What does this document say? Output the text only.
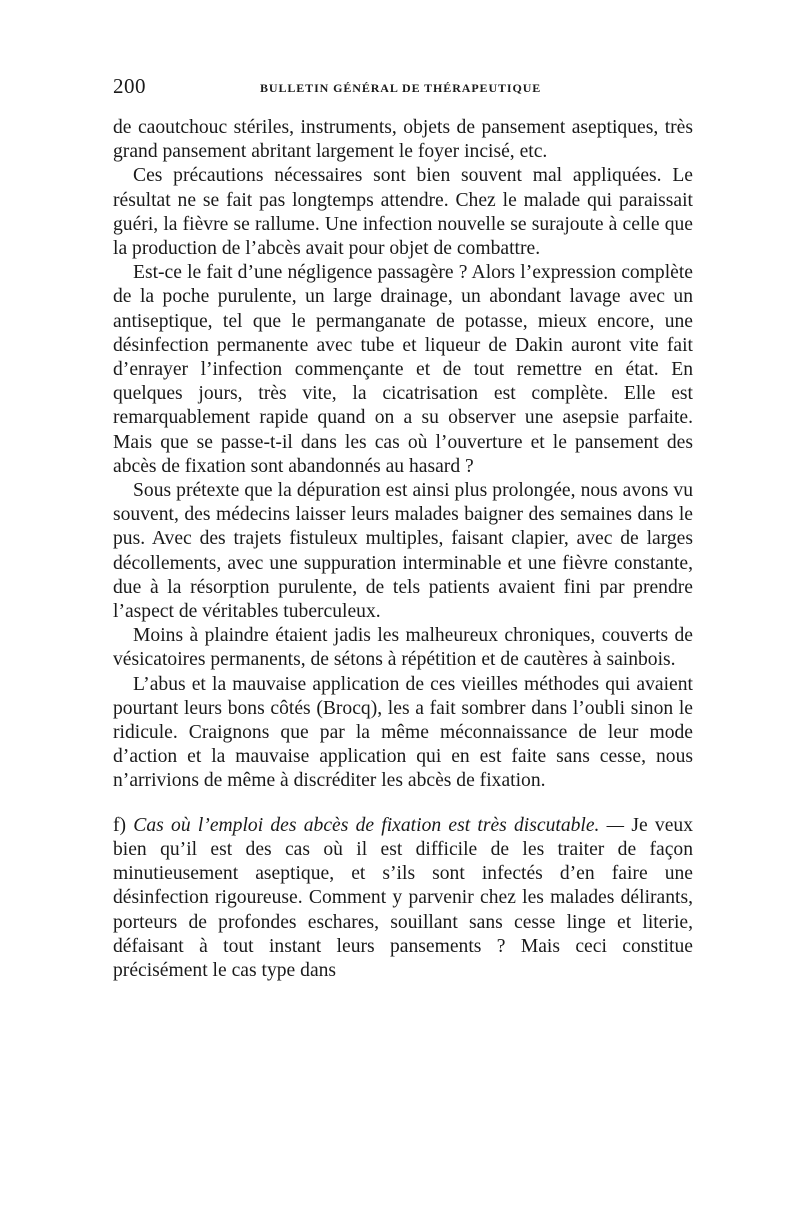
200	BULLETIN GÉNÉRAL DE THÉRAPEUTIQUE

de caoutchouc stériles, instruments, objets de pansement aseptiques, très grand pansement abritant largement le foyer incisé, etc.

Ces précautions nécessaires sont bien souvent mal appliquées. Le résultat ne se fait pas longtemps attendre. Chez le malade qui paraissait guéri, la fièvre se rallume. Une infection nouvelle se surajoute à celle que la production de l’abcès avait pour objet de combattre.

Est-ce le fait d’une négligence passagère ? Alors l’expression complète de la poche purulente, un large drainage, un abondant lavage avec un antiseptique, tel que le permanganate de potasse, mieux encore, une désinfection permanente avec tube et liqueur de Dakin auront vite fait d’enrayer l’infection commençante et de tout remettre en état. En quelques jours, très vite, la cicatrisation est complète. Elle est remarquablement rapide quand on a su observer une asepsie parfaite. Mais que se passe-t-il dans les cas où l’ouverture et le pansement des abcès de fixation sont abandonnés au hasard ?

Sous prétexte que la dépuration est ainsi plus prolongée, nous avons vu souvent, des médecins laisser leurs malades baigner des semaines dans le pus. Avec des trajets fistuleux multiples, faisant clapier, avec de larges décollements, avec une suppuration interminable et une fièvre constante, due à la résorption purulente, de tels patients avaient fini par prendre l’aspect de véritables tuberculeux.

Moins à plaindre étaient jadis les malheureux chroniques, couverts de vésicatoires permanents, de sétons à répétition et de cautères à sainbois.

L’abus et la mauvaise application de ces vieilles méthodes qui avaient pourtant leurs bons côtés (Brocq), les a fait sombrer dans l’oubli sinon le ridicule. Craignons que par la même méconnaissance de leur mode d’action et la mauvaise application qui en est faite sans cesse, nous n’arrivions de même à discréditer les abcès de fixation.

f) Cas où l’emploi des abcès de fixation est très discutable. — Je veux bien qu’il est des cas où il est difficile de les traiter de façon minutieusement aseptique, et s’ils sont infectés d’en faire une désinfection rigoureuse. Comment y parvenir chez les malades délirants, porteurs de profondes eschares, souillant sans cesse linge et literie, défaisant à tout instant leurs pansements ? Mais ceci constitue précisément le cas type dans
